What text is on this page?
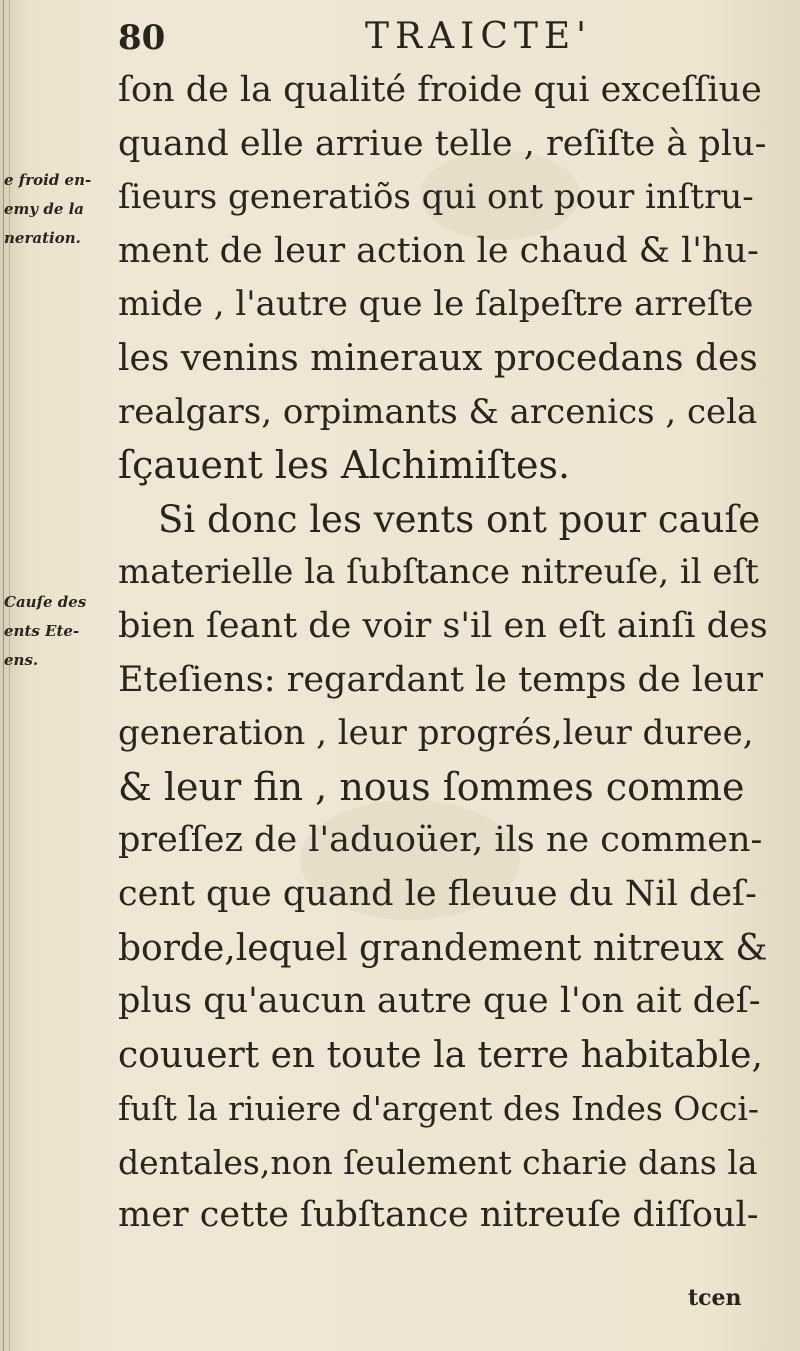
80	TRAICTE'
e froid en-
emy de la
neration.
Cauſe des
ents Ete-
ens.
ſon de la qualité froide qui exceſſiue
quand elle arriue telle , reſiſte à plu-
ſieurs generatiõs qui ont pour inſtru-
ment de leur action le chaud & l'hu-
mide , l'autre que le ſalpeſtre arreſte
les venins mineraux procedans des
realgars, orpimants & arcenics , cela
ſçauent les Alchimiſtes.
Si donc les vents ont pour cauſe
materielle la ſubſtance nitreuſe, il eſt
bien ſeant de voir s'il en eſt ainſi des
Eteſiens: regardant le temps de leur
generation , leur progrés,leur duree,
& leur fin , nous ſommes comme
preſſez de l'aduoüer, ils ne commen-
cent que quand le fleuue du Nil deſ-
borde,lequel grandement nitreux &
plus qu'aucun autre que l'on ait deſ-
couuert en toute la terre habitable,
fuſt la riuiere d'argent des Indes Occi-
dentales,non ſeulement charie dans la
mer cette ſubſtance nitreuſe diſſoul-
tcen
